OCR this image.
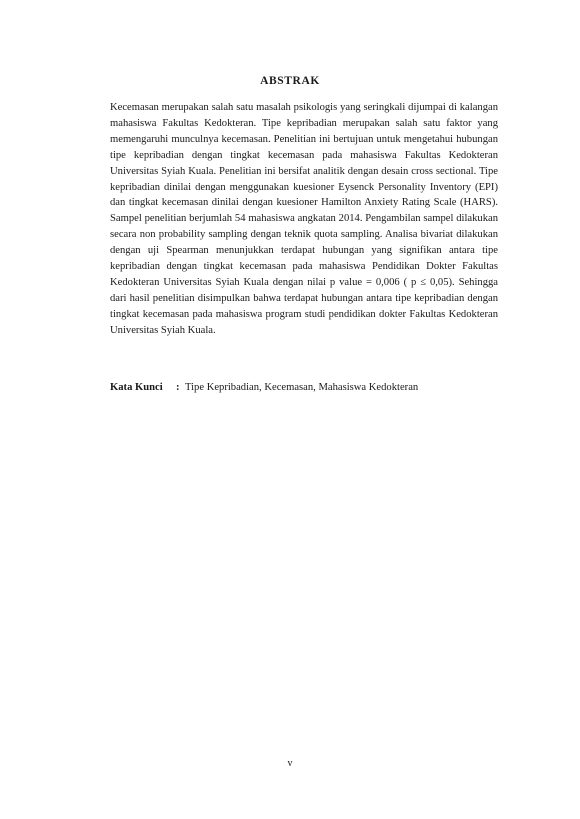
ABSTRAK

Kecemasan merupakan salah satu masalah psikologis yang seringkali dijumpai di kalangan mahasiswa Fakultas Kedokteran. Tipe kepribadian merupakan salah satu faktor yang memengaruhi munculnya kecemasan. Penelitian ini bertujuan untuk mengetahui hubungan tipe kepribadian dengan tingkat kecemasan pada mahasiswa Fakultas Kedokteran Universitas Syiah Kuala. Penelitian ini bersifat analitik dengan desain cross sectional. Tipe kepribadian dinilai dengan menggunakan kuesioner Eysenck Personality Inventory (EPI) dan tingkat kecemasan dinilai dengan kuesioner Hamilton Anxiety Rating Scale (HARS). Sampel penelitian berjumlah 54 mahasiswa angkatan 2014. Pengambilan sampel dilakukan secara non probability sampling dengan teknik quota sampling. Analisa bivariat dilakukan dengan uji Spearman menunjukkan terdapat hubungan yang signifikan antara tipe kepribadian dengan tingkat kecemasan pada mahasiswa Pendidikan Dokter Fakultas Kedokteran Universitas Syiah Kuala dengan nilai p value = 0,006 ( p ≤ 0,05). Sehingga dari hasil penelitian disimpulkan bahwa terdapat hubungan antara tipe kepribadian dengan tingkat kecemasan pada mahasiswa program studi pendidikan dokter Fakultas Kedokteran Universitas Syiah Kuala.

Kata Kunci : Tipe Kepribadian, Kecemasan, Mahasiswa Kedokteran
v
